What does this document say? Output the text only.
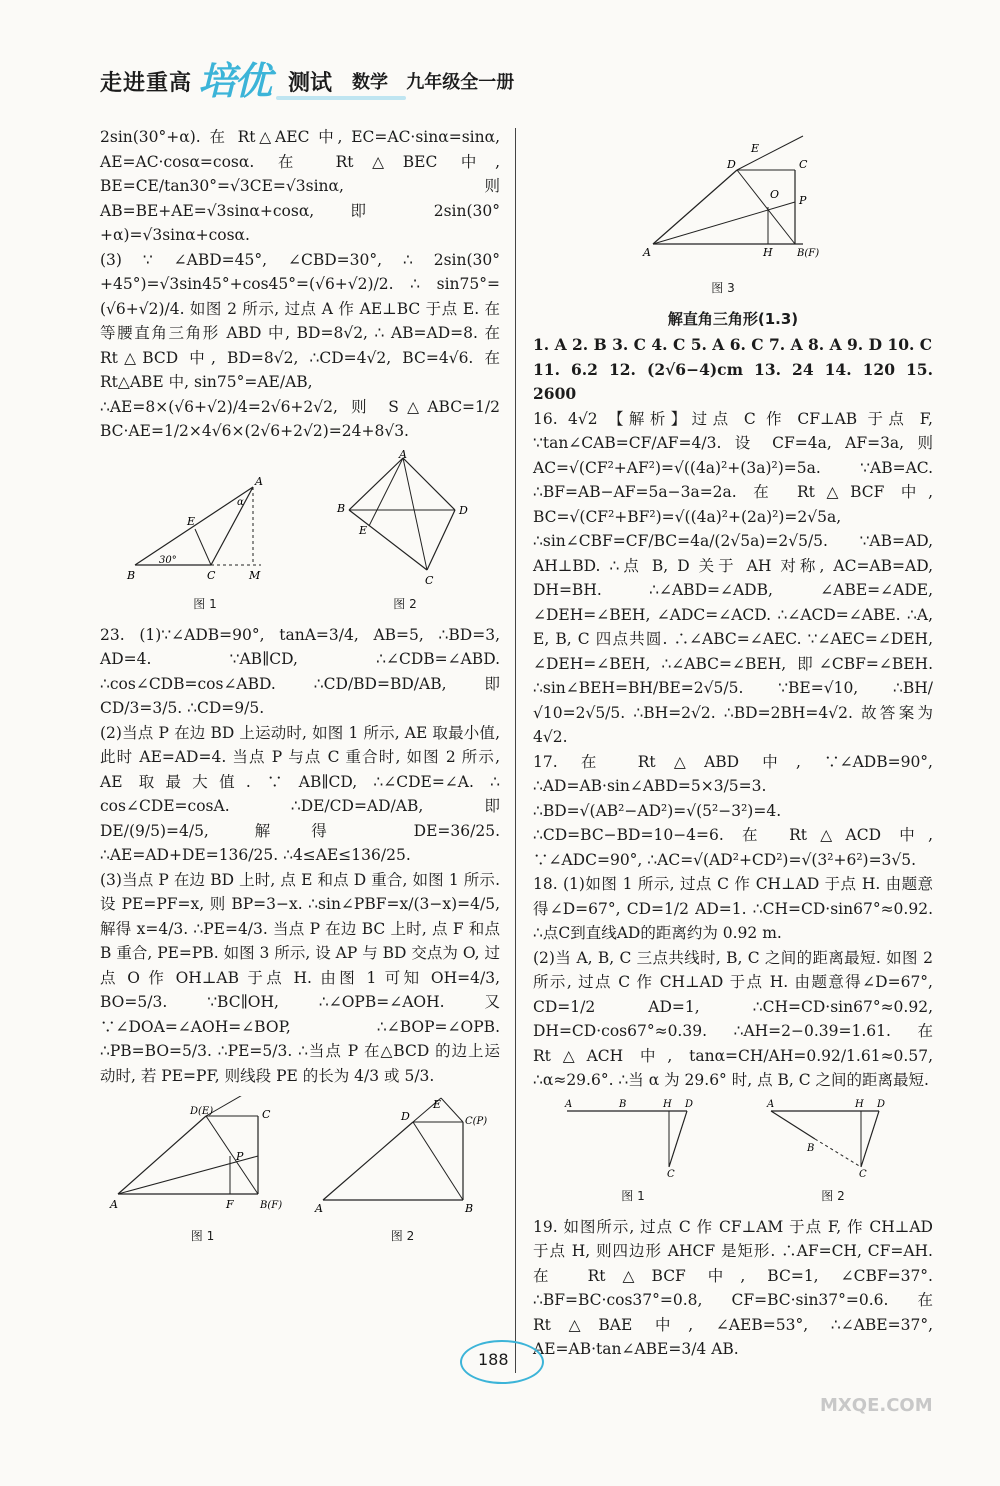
走进重高 培优 测试 数学 九年级全一册

2sin(30°+α). 在 Rt△AEC 中, EC=AC·sinα=sinα, AE=AC·cosα=cosα. 在 Rt△BEC 中, BE=CE/tan30°=√3CE=√3sinα, 则 AB=BE+AE=√3sinα+cosα, 即 2sin(30°+α)=√3sinα+cosα.

(3) ∵ ∠ABD=45°, ∠CBD=30°, ∴ 2sin(30°+45°)=√3sin45°+cos45°=(√6+√2)/2. ∴ sin75°=(√6+√2)/4. 如图 2 所示, 过点 A 作 AE⊥BC 于点 E. 在等腰直角三角形 ABD 中, BD=8√2, ∴ AB=AD=8. 在 Rt△BCD 中, BD=8√2, ∴CD=4√2, BC=4√6. 在 Rt△ABE 中, sin75°=AE/AB,

∴AE=8×(√6+√2)/4=2√6+2√2, 则 S△ABC=1/2 BC·AE=1/2×4√6×(2√6+2√2)=24+8√3.

B	C	M
A
E
α
30°
图 1
A
B	D
C
E
图 2

23. (1)∵∠ADB=90°, tanA=3/4, AB=5, ∴BD=3, AD=4. ∵AB∥CD, ∴∠CDB=∠ABD. ∴cos∠CDB=cos∠ABD. ∴CD/BD=BD/AB, 即 CD/3=3/5. ∴CD=9/5.

(2)当点 P 在边 BD 上运动时, 如图 1 所示, AE 取最小值, 此时 AE=AD=4. 当点 P 与点 C 重合时, 如图 2 所示, AE 取最大值. ∵ AB∥CD, ∴∠CDE=∠A. ∴ cos∠CDE=cosA. ∴DE/CD=AD/AB, 即 DE/(9/5)=4/5, 解得 DE=36/25. ∴AE=AD+DE=136/25. ∴4≤AE≤136/25.

(3)当点 P 在边 BD 上时, 点 E 和点 D 重合, 如图 1 所示. 设 PE=PF=x, 则 BP=3−x. ∴sin∠PBF=x/(3−x)=4/5, 解得 x=4/3. ∴PE=4/3. 当点 P 在边 BC 上时, 点 F 和点 B 重合, PE=PB. 如图 3 所示, 设 AP 与 BD 交点为 O, 过点 O 作 OH⊥AB 于点 H. 由图 1 可知 OH=4/3, BO=5/3. ∵BC∥OH, ∴∠OPB=∠AOH. 又∵∠DOA=∠AOH=∠BOP, ∴∠BOP=∠OPB. ∴PB=BO=5/3. ∴PE=5/3. ∴当点 P 在△BCD 的边上运动时, 若 PE=PF, 则线段 PE 的长为 4/3 或 5/3.

A
D(E)	C
P
F	B(F)
图 1
A
D
E
C(P)
B
图 2
A
D
E
C
O P
H B(F)
图 3
解直角三角形(1.3)

1. A 2. B 3. C 4. C 5. A 6. C 7. A 8. A 9. D 10. C

11. 6.2 12. (2√6−4)cm 13. 24 14. 120 15. 2600

16. 4√2 【解析】过点 C 作 CF⊥AB 于点 F, ∵tan∠CAB=CF/AF=4/3. 设 CF=4a, AF=3a, 则 AC=√(CF²+AF²)=√((4a)²+(3a)²)=5a. ∵AB=AC. ∴BF=AB−AF=5a−3a=2a. 在 Rt△BCF 中, BC=√(CF²+BF²)=√((4a)²+(2a)²)=2√5a, ∴sin∠CBF=CF/BC=4a/(2√5a)=2√5/5. ∵AB=AD, AH⊥BD. ∴点 B, D 关于 AH 对称, AC=AB=AD, DH=BH. ∴∠ABD=∠ADB, ∠ABE=∠ADE, ∠DEH=∠BEH, ∠ADC=∠ACD. ∴∠ACD=∠ABE. ∴A, E, B, C 四点共圆. ∴∠ABC=∠AEC. ∵∠AEC=∠DEH, ∠DEH=∠BEH, ∴∠ABC=∠BEH, 即∠CBF=∠BEH. ∴sin∠BEH=BH/BE=2√5/5. ∵BE=√10, ∴BH/√10=2√5/5. ∴BH=2√2. ∴BD=2BH=4√2. 故答案为 4√2.

17. 在 Rt△ABD 中, ∵∠ADB=90°, ∴AD=AB·sin∠ABD=5×3/5=3. ∴BD=√(AB²−AD²)=√(5²−3²)=4. ∴CD=BC−BD=10−4=6. 在 Rt△ACD 中, ∵∠ADC=90°, ∴AC=√(AD²+CD²)=√(3²+6²)=3√5.

18. (1)如图 1 所示, 过点 C 作 CH⊥AD 于点 H. 由题意得∠D=67°, CD=1/2 AD=1. ∴CH=CD·sin67°≈0.92. ∴点C到直线AD的距离约为 0.92 m.

(2)当 A, B, C 三点共线时, B, C 之间的距离最短. 如图 2 所示, 过点 C 作 CH⊥AD 于点 H. 由题意得∠D=67°, CD=1/2 AD=1, ∴CH=CD·sin67°≈0.92, DH=CD·cos67°≈0.39. ∴AH=2−0.39=1.61. 在 Rt△ACH 中, tanα=CH/AH=0.92/1.61≈0.57, ∴α≈29.6°. ∴当 α 为 29.6° 时, 点 B, C 之间的距离最短.

A	B	H D
C
图 1
A	H D
B
C
图 2

19. 如图所示, 过点 C 作 CF⊥AM 于点 F, 作 CH⊥AD 于点 H, 则四边形 AHCF 是矩形. ∴AF=CH, CF=AH. 在 Rt△BCF 中, BC=1, ∠CBF=37°. ∴BF=BC·cos37°=0.8, CF=BC·sin37°=0.6. 在 Rt△BAE 中, ∠AEB=53°, ∴∠ABE=37°, AE=AB·tan∠ABE=3/4 AB.

188
MXQE.COM
